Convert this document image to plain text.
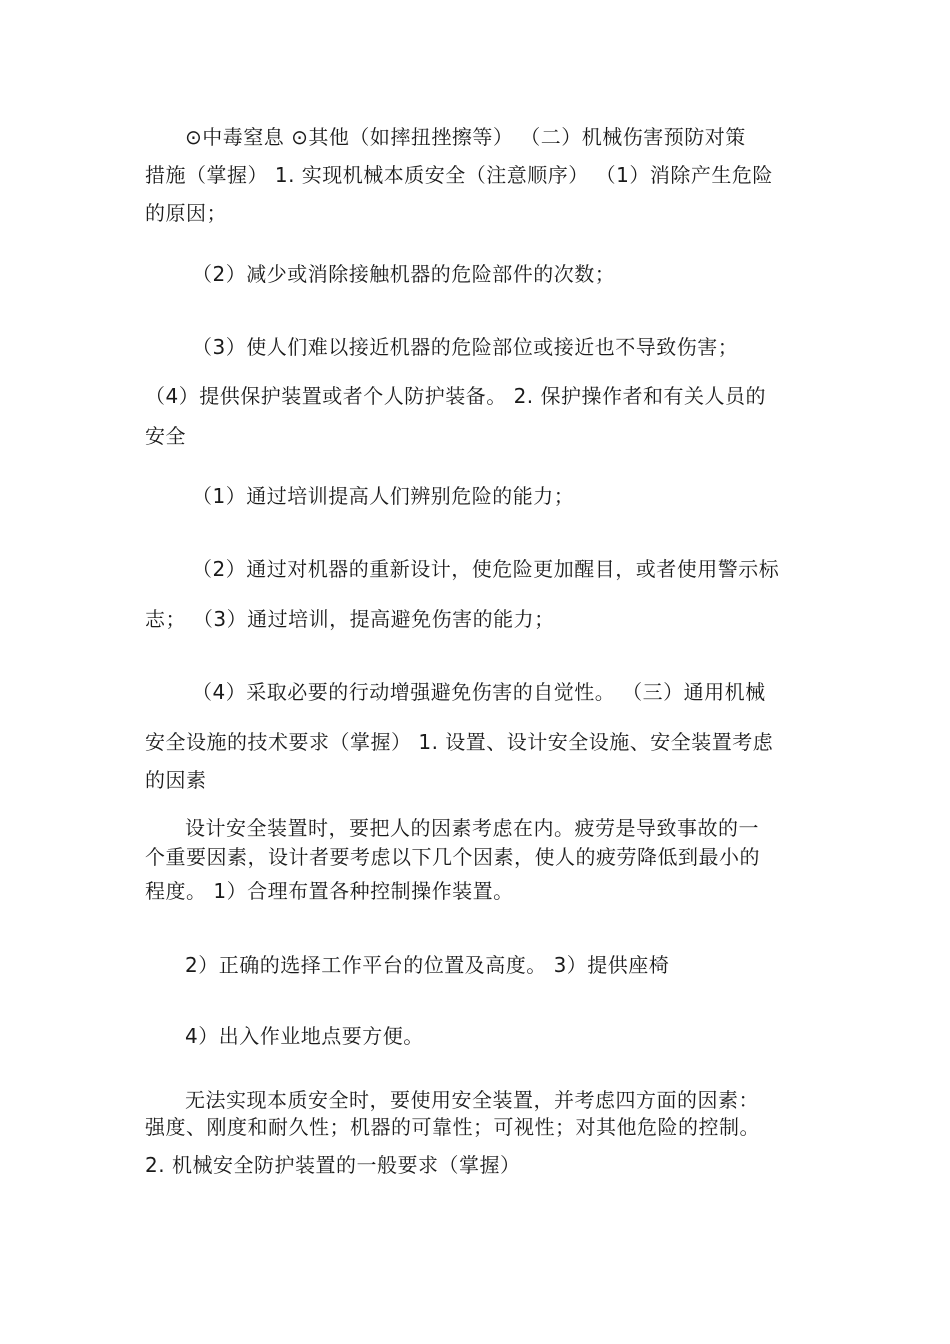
⊙中毒窒息 ⊙其他（如摔扭挫擦等） （二）机械伤害预防对策
措施（掌握） 1. 实现机械本质安全（注意顺序） （1）消除产生危险
的原因；
（2）减少或消除接触机器的危险部件的次数；
（3）使人们难以接近机器的危险部位或接近也不导致伤害；
（4）提供保护装置或者个人防护装备。 2. 保护操作者和有关人员的
安全
（1）通过培训提高人们辨别危险的能力；
（2）通过对机器的重新设计，使危险更加醒目，或者使用警示标
志； （3）通过培训，提高避免伤害的能力；
（4）采取必要的行动增强避免伤害的自觉性。 （三）通用机械
安全设施的技术要求（掌握） 1. 设置、设计安全设施、安全装置考虑
的因素
设计安全装置时，要把人的因素考虑在内。疲劳是导致事故的一
个重要因素，设计者要考虑以下几个因素，使人的疲劳降低到最小的
程度。 1）合理布置各种控制操作装置。
2）正确的选择工作平台的位置及高度。 3）提供座椅
4）出入作业地点要方便。
无法实现本质安全时，要使用安全装置，并考虑四方面的因素：
强度、刚度和耐久性；机器的可靠性；可视性；对其他危险的控制。
2. 机械安全防护装置的一般要求（掌握）
